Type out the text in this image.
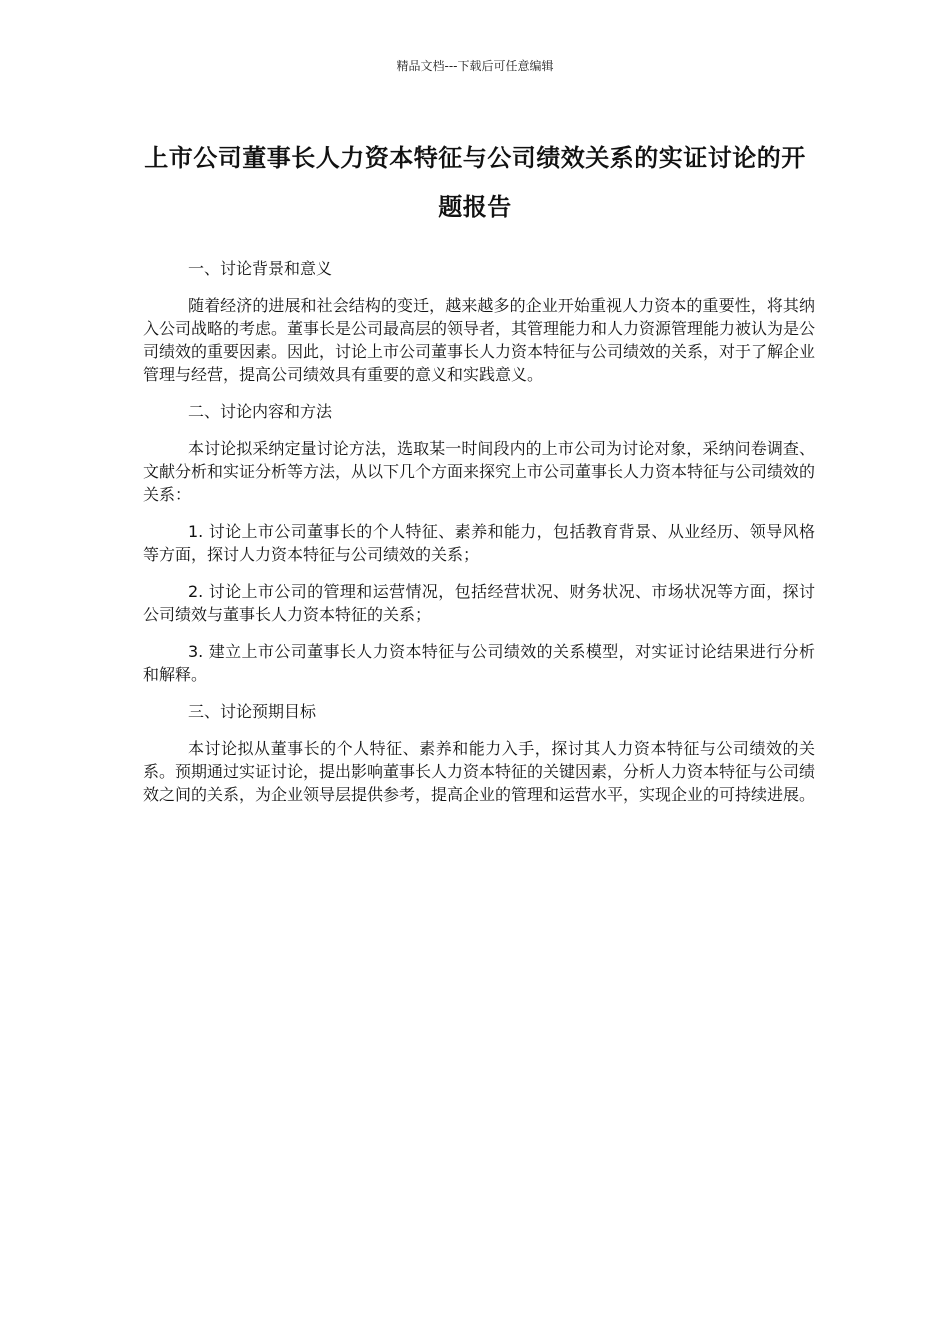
精品文档---下载后可任意编辑
上市公司董事长人力资本特征与公司绩效关系的实证讨论的开题报告

一、讨论背景和意义

随着经济的进展和社会结构的变迁，越来越多的企业开始重视人力资本的重要性，将其纳入公司战略的考虑。董事长是公司最高层的领导者，其管理能力和人力资源管理能力被认为是公司绩效的重要因素。因此，讨论上市公司董事长人力资本特征与公司绩效的关系，对于了解企业管理与经营，提高公司绩效具有重要的意义和实践意义。

二、讨论内容和方法

本讨论拟采纳定量讨论方法，选取某一时间段内的上市公司为讨论对象，采纳问卷调查、文献分析和实证分析等方法，从以下几个方面来探究上市公司董事长人力资本特征与公司绩效的关系：

1. 讨论上市公司董事长的个人特征、素养和能力，包括教育背景、从业经历、领导风格等方面，探讨人力资本特征与公司绩效的关系；

2. 讨论上市公司的管理和运营情况，包括经营状况、财务状况、市场状况等方面，探讨公司绩效与董事长人力资本特征的关系；

3. 建立上市公司董事长人力资本特征与公司绩效的关系模型，对实证讨论结果进行分析和解释。

三、讨论预期目标

本讨论拟从董事长的个人特征、素养和能力入手，探讨其人力资本特征与公司绩效的关系。预期通过实证讨论，提出影响董事长人力资本特征的关键因素，分析人力资本特征与公司绩效之间的关系，为企业领导层提供参考，提高企业的管理和运营水平，实现企业的可持续进展。
